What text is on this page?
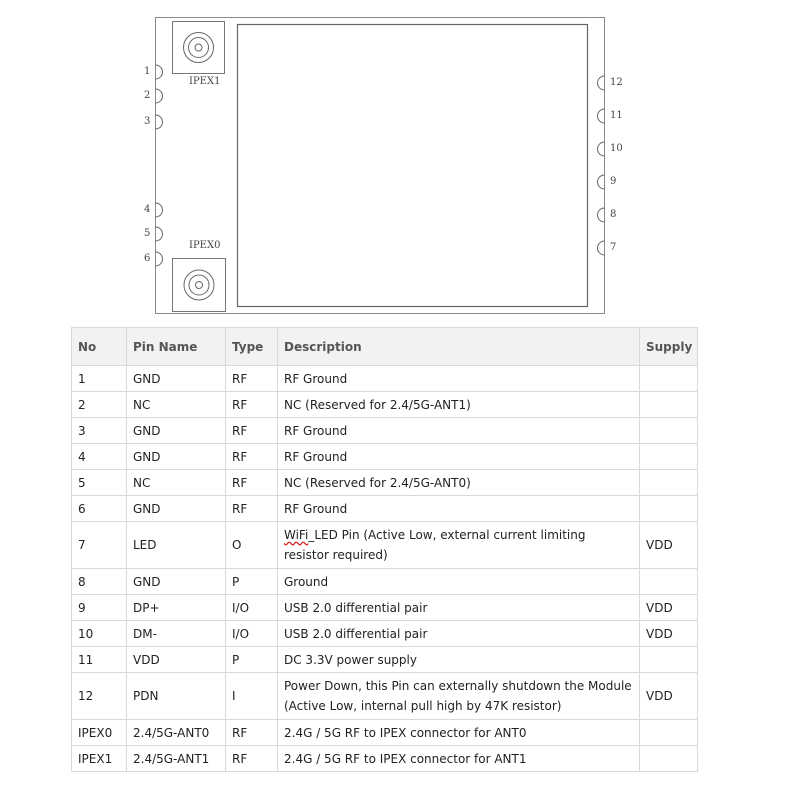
IPEX1
IPEX0
1
2
3
4
5
6
12
11
10
9
8
7
No	Pin Name	Type	Description	Supply
1	GND	RF	RF Ground	
2	NC	RF	NC (Reserved for 2.4/5G-ANT1)	
3	GND	RF	RF Ground	
4	GND	RF	RF Ground	
5	NC	RF	NC (Reserved for 2.4/5G-ANT0)	
6	GND	RF	RF Ground	
7	LED	O	WiFi_LED Pin (Active Low, external current limiting resistor required)	VDD
8	GND	P	Ground	
9	DP+	I/O	USB 2.0 differential pair	VDD
10	DM-	I/O	USB 2.0 differential pair	VDD
11	VDD	P	DC 3.3V power supply	
12	PDN	I	Power Down, this Pin can externally shutdown the Module (Active Low, internal pull high by 47K resistor)	VDD
IPEX0	2.4/5G-ANT0	RF	2.4G / 5G RF to IPEX connector for ANT0	
IPEX1	2.4/5G-ANT1	RF	2.4G / 5G RF to IPEX connector for ANT1	
